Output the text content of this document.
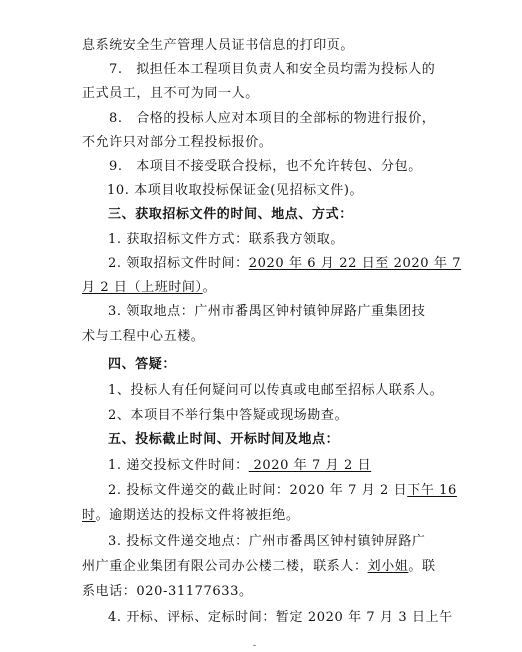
息系统安全生产管理人员证书信息的打印页。
7.　拟担任本工程项目负责人和安全员均需为投标人的
正式员工，且不可为同一人。
8.　合格的投标人应对本项目的全部标的物进行报价，
不允许只对部分工程投标报价。
9.　本项目不接受联合投标，也不允许转包、分包。
10. 本项目收取投标保证金(见招标文件)。
三、获取招标文件的时间、地点、方式：
1. 获取招标文件方式：联系我方领取。
2. 领取招标文件时间：2020 年 6 月 22 日至 2020 年 7
月 2 日（上班时间）。
3. 领取地点：广州市番禺区钟村镇钟屏路广重集团技
术与工程中心五楼。
四、答疑：
1、投标人有任何疑问可以传真或电邮至招标人联系人。
2、本项目不举行集中答疑或现场勘查。
五、投标截止时间、开标时间及地点：
1. 递交投标文件时间： 2020 年 7 月 2 日
2. 投标文件递交的截止时间：2020 年 7 月 2 日下午 16
时。逾期送达的投标文件将被拒绝。
3. 投标文件递交地点：广州市番禺区钟村镇钟屏路广
州广重企业集团有限公司办公楼二楼，联系人：刘小姐。联
系电话：020-31177633。
4. 开标、评标、定标时间：暂定 2020 年 7 月 3 日上午
-
